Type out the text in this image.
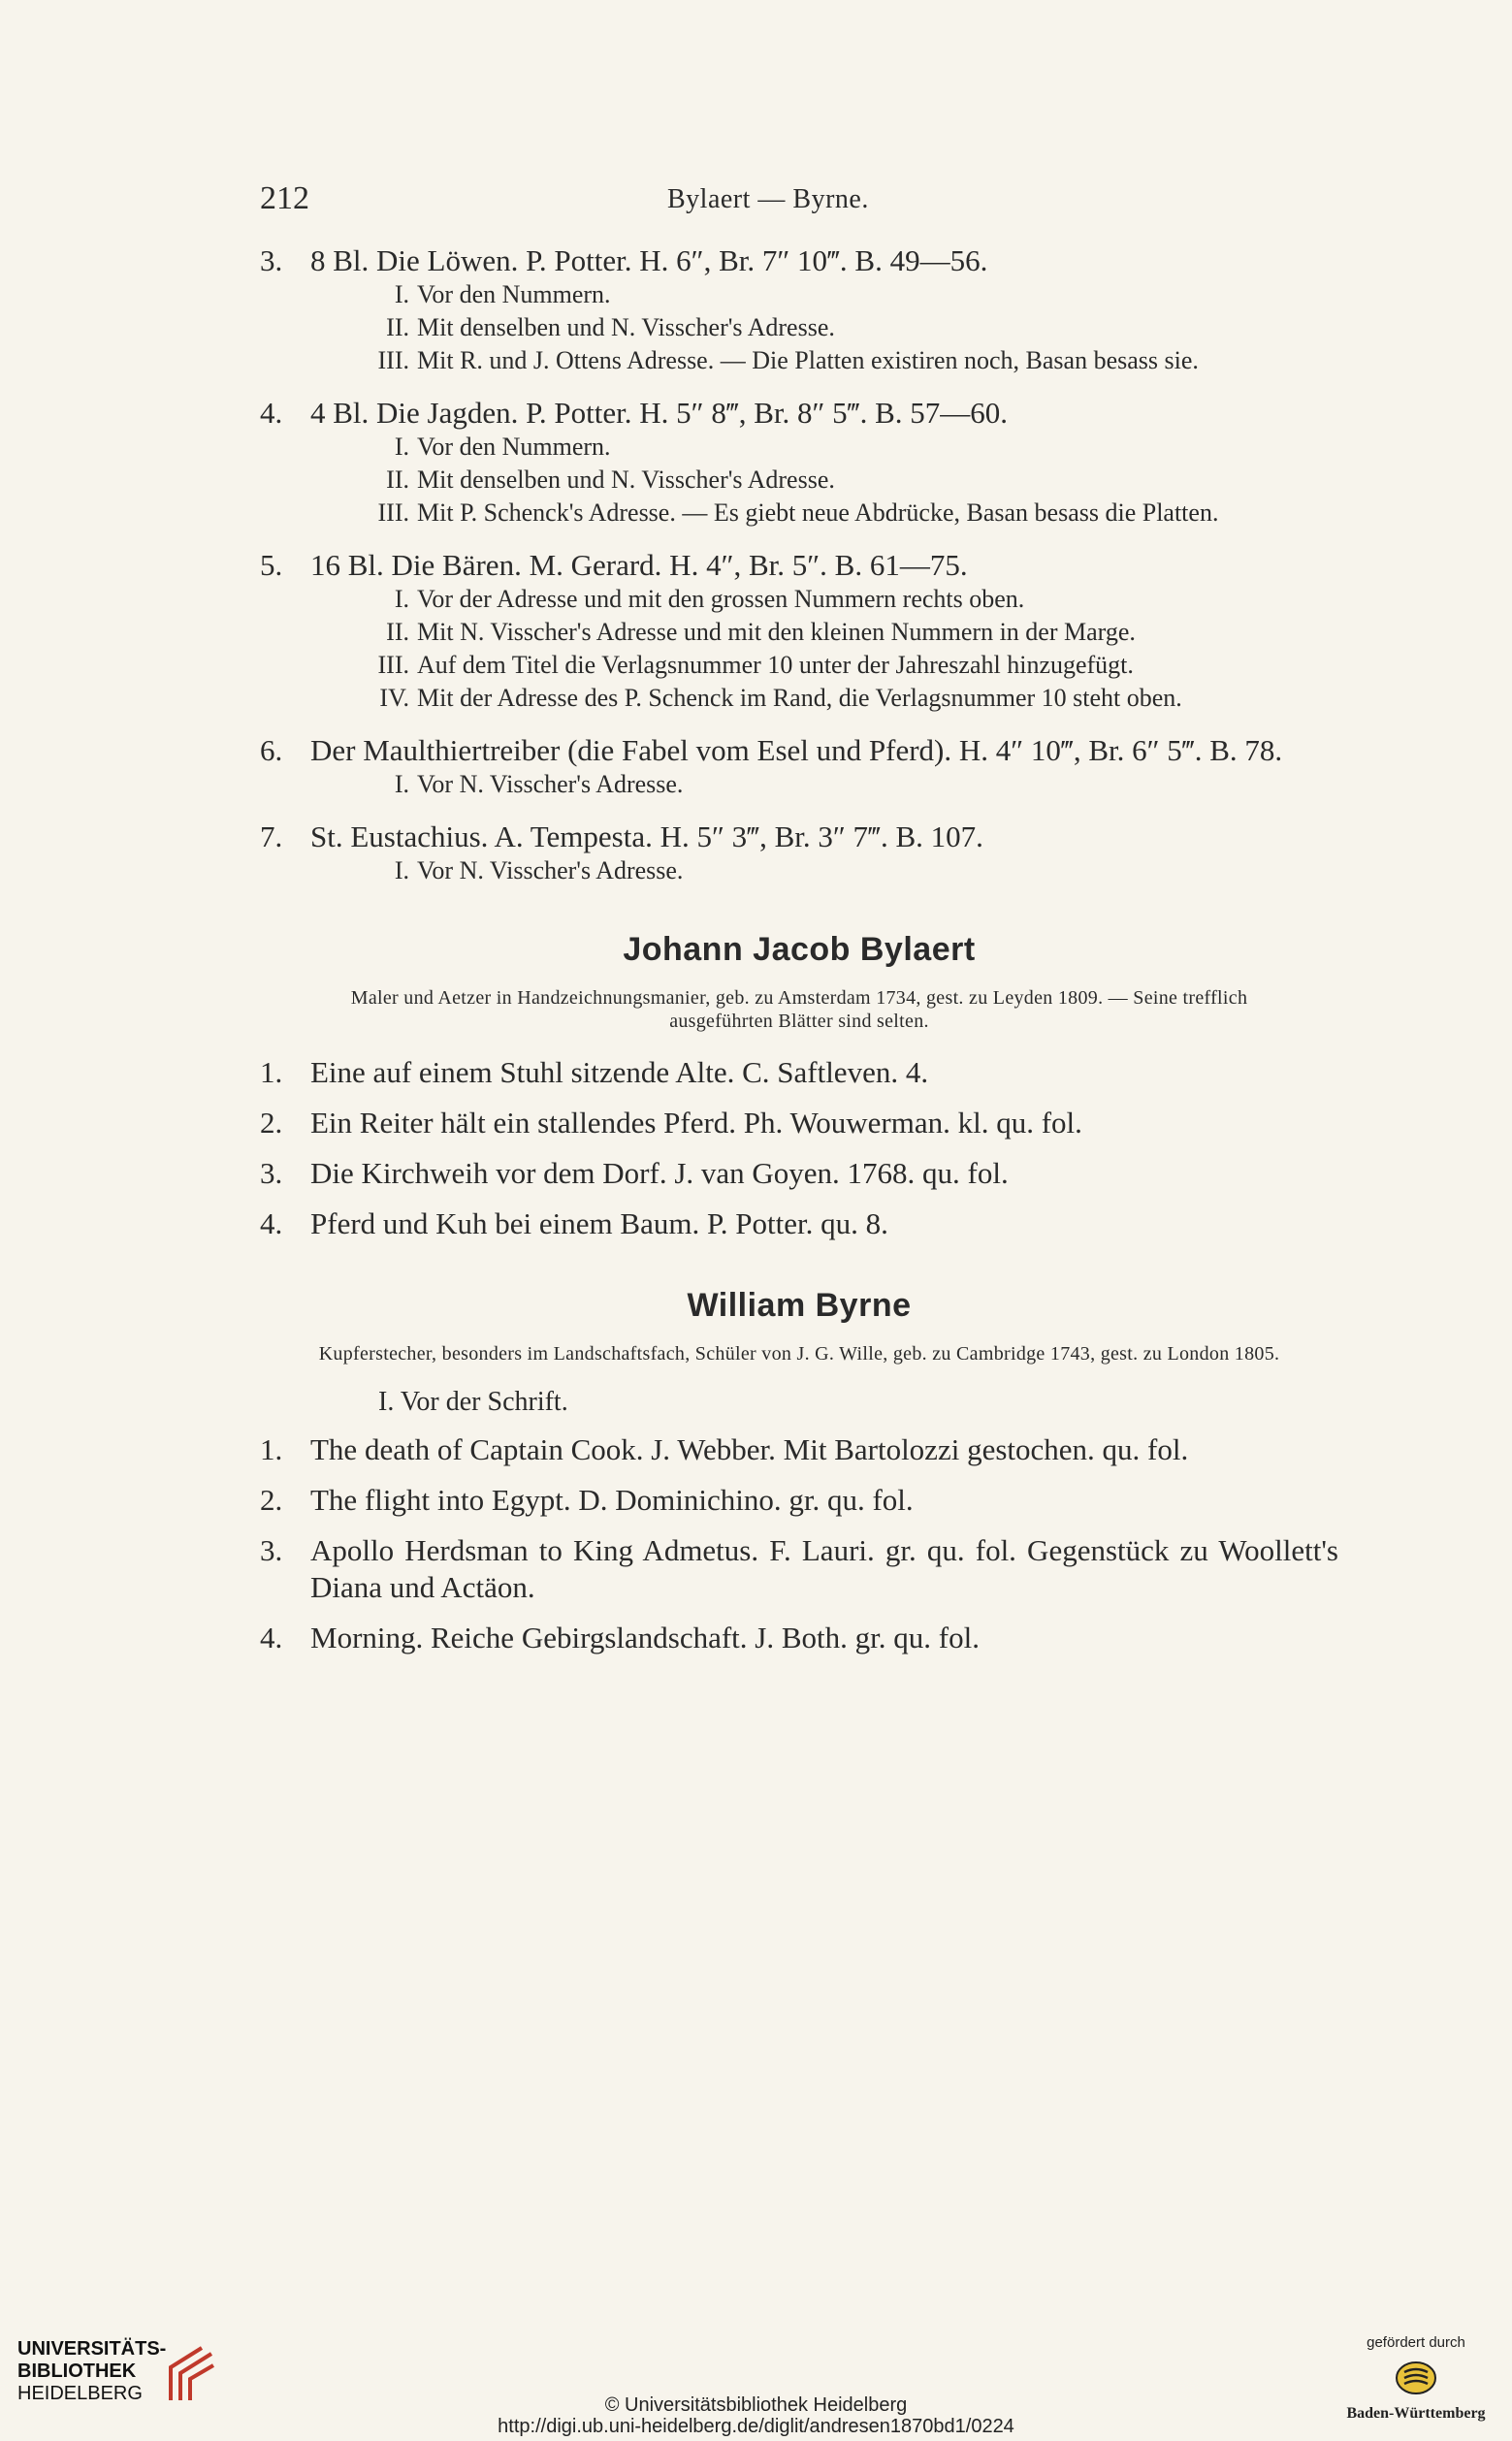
212	Bylaert — Byrne.
3. 8 Bl. Die Löwen. P. Potter. H. 6″, Br. 7″ 10‴. B. 49—56.
I. Vor den Nummern.
II. Mit denselben und N. Visscher's Adresse.
III. Mit R. und J. Ottens Adresse. — Die Platten existiren noch, Basan besass sie.
4. 4 Bl. Die Jagden. P. Potter. H. 5″ 8‴, Br. 8″ 5‴. B. 57—60.
I. Vor den Nummern.
II. Mit denselben und N. Visscher's Adresse.
III. Mit P. Schenck's Adresse. — Es giebt neue Abdrücke, Basan besass die Platten.
5. 16 Bl. Die Bären. M. Gerard. H. 4″, Br. 5″. B. 61—75.
I. Vor der Adresse und mit den grossen Nummern rechts oben.
II. Mit N. Visscher's Adresse und mit den kleinen Nummern in der Marge.
III. Auf dem Titel die Verlagsnummer 10 unter der Jahreszahl hinzugefügt.
IV. Mit der Adresse des P. Schenck im Rand, die Verlagsnummer 10 steht oben.
6. Der Maulthiertreiber (die Fabel vom Esel und Pferd). H. 4″ 10‴, Br. 6″ 5‴. B. 78.
I. Vor N. Visscher's Adresse.
7. St. Eustachius. A. Tempesta. H. 5″ 3‴, Br. 3″ 7‴. B. 107.
I. Vor N. Visscher's Adresse.
Johann Jacob Bylaert
Maler und Aetzer in Handzeichnungsmanier, geb. zu Amsterdam 1734, gest. zu Leyden 1809. — Seine trefflich ausgeführten Blätter sind selten.
1. Eine auf einem Stuhl sitzende Alte. C. Saftleven. 4.
2. Ein Reiter hält ein stallendes Pferd. Ph. Wouwerman. kl. qu. fol.
3. Die Kirchweih vor dem Dorf. J. van Goyen. 1768. qu. fol.
4. Pferd und Kuh bei einem Baum. P. Potter. qu. 8.
William Byrne
Kupferstecher, besonders im Landschaftsfach, Schüler von J. G. Wille, geb. zu Cambridge 1743, gest. zu London 1805.
I. Vor der Schrift.
1. The death of Captain Cook. J. Webber. Mit Bartolozzi gestochen. qu. fol.
2. The flight into Egypt. D. Dominichino. gr. qu. fol.
3. Apollo Herdsman to King Admetus. F. Lauri. gr. qu. fol. Gegenstück zu Woollett's Diana und Actäon.
4. Morning. Reiche Gebirgslandschaft. J. Both. gr. qu. fol.
UNIVERSITÄTS-
BIBLIOTHEK
HEIDELBERG
© Universitätsbibliothek Heidelberg
http://digi.ub.uni-heidelberg.de/diglit/andresen1870bd1/0224
gefördert durch
Baden-Württemberg
